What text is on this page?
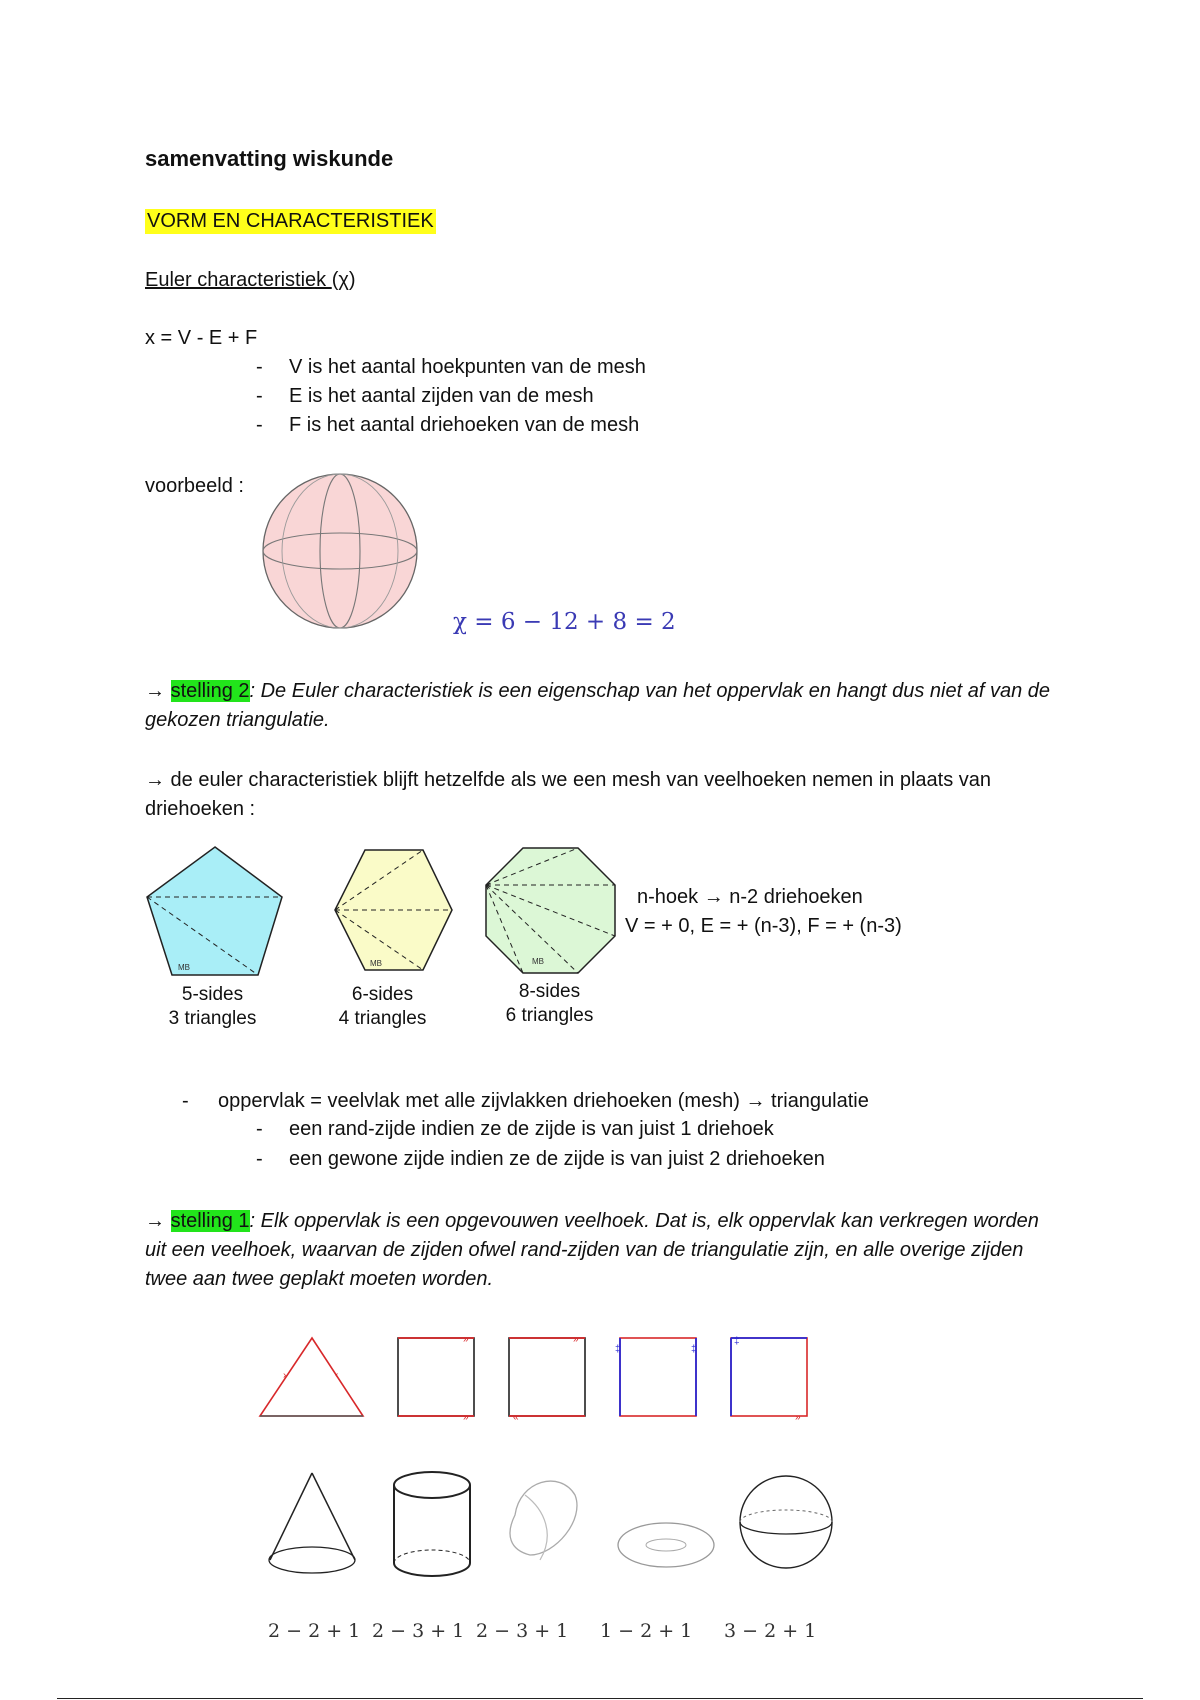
samenvatting wiskunde
VORM EN CHARACTERISTIEK
Euler characteristiek (χ)
x = V - E + F
- V is het aantal hoekpunten van de mesh
- E is het aantal zijden van de mesh
- F is het aantal driehoeken van de mesh
voorbeeld :
χ = 6 − 12 + 8 = 2
→ stelling 2: De Euler characteristiek is een eigenschap van het oppervlak en hangt dus niet af van de gekozen triangulatie.
→ de euler characteristiek blijft hetzelfde als we een mesh van veelhoeken nemen in plaats van driehoeken :
MB	MB	MB
5-sides
3 triangles
6-sides
4 triangles
8-sides
6 triangles
n-hoek → n-2 driehoeken
V = + 0, E = + (n-3), F = + (n-3)
- oppervlak = veelvlak met alle zijvlakken driehoeken (mesh) → triangulatie
- een rand-zijde indien ze de zijde is van juist 1 driehoek
- een gewone zijde indien ze de zijde is van juist 2 driehoeken
→ stelling 1: Elk oppervlak is een opgevouwen veelhoek. Dat is, elk oppervlak kan verkregen worden uit een veelhoek, waarvan de zijden ofwel rand-zijden van de triangulatie zijn, en alle overige zijden twee aan twee geplakt moeten worden.
›	‹
»
»
»
«
‡	‡
‡
»
2 − 2 + 1 2 − 3 + 1 2 − 3 + 1 1 − 2 + 1 3 − 2 + 1
